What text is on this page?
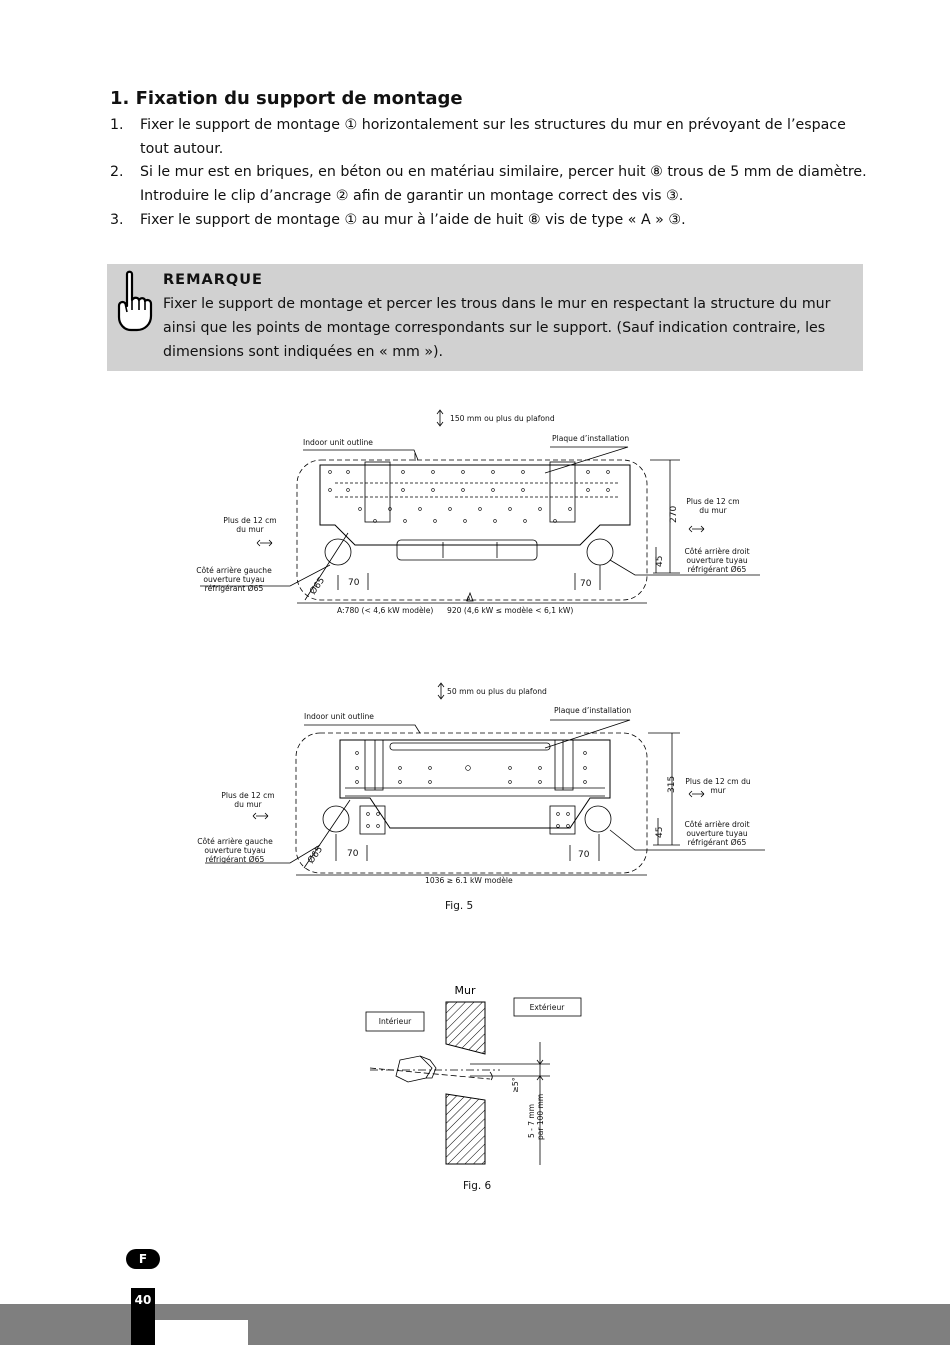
1. Fixation du support de montage
1. Fixer le support de montage ① horizontalement sur les structures du mur en prévoyant de l’espace tout autour.
2. Si le mur est en briques, en béton ou en matériau similaire, percer huit ⑧ trous de 5 mm de diamètre. Introduire le clip d’ancrage ② afin de garantir un montage correct des vis ③.
3. Fixer le support de montage ① au mur à l’aide de huit ⑧ vis de type « A » ③.
REMARQUE
Fixer le support de montage et percer les trous dans le mur en respectant la structure du mur ainsi que les points de montage correspondants sur le support. (Sauf indication contraire, les dimensions sont indiquées en « mm »).
150 mm ou plus du plafond
Indoor unit outline	Plaque d’installation
Plus de 12 cm
du mur
Plus de 12 cm
du mur
Côté arrière gauche
ouverture tuyau
réfrigérant Ø65
Côté arrière droit
ouverture tuyau
réfrigérant Ø65
270
45
70	70
Ø65
A
A:780 (< 4,6 kW modèle) 920 (4,6 kW ≤ modèle < 6,1 kW)
50 mm ou plus du plafond
Indoor unit outline
Plaque d’installation
Plus de 12 cm
du mur
Plus de 12 cm du
mur
Côté arrière gauche
ouverture tuyau
réfrigérant Ø65
Côté arrière droit
ouverture tuyau
réfrigérant Ø65
315
45
70	70
Ø65
1036 ≥ 6.1 kW modèle
Fig. 5
Mur
Intérieur
Extérieur
≥5°
5 - 7 mm par 100 mm
Fig. 6
F
40
